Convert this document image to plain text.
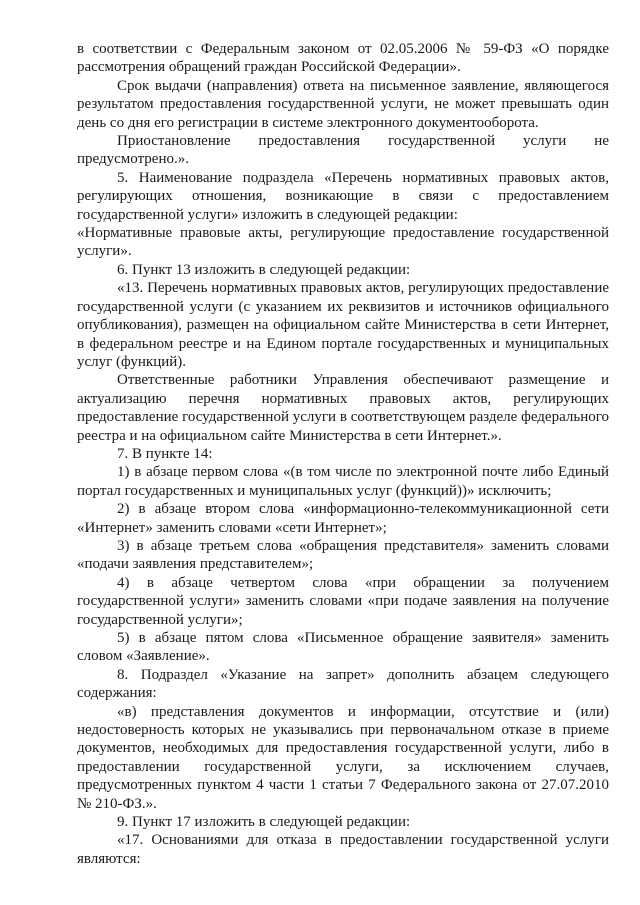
в соответствии с Федеральным законом от 02.05.2006 № 59-ФЗ «О порядке рассмотрения обращений граждан Российской Федерации».

Срок выдачи (направления) ответа на письменное заявление, являющегося результатом предоставления государственной услуги, не может превышать один день со дня его регистрации в системе электронного документооборота.

Приостановление предоставления государственной услуги не предусмотрено.».

5. Наименование подраздела «Перечень нормативных правовых актов, регулирующих отношения, возникающие в связи с предоставлением государственной услуги» изложить в следующей редакции:

«Нормативные правовые акты, регулирующие предоставление государственной услуги».

6. Пункт 13 изложить в следующей редакции:

«13. Перечень нормативных правовых актов, регулирующих предоставление государственной услуги (с указанием их реквизитов и источников официального опубликования), размещен на официальном сайте Министерства в сети Интернет, в федеральном реестре и на Едином портале государственных и муниципальных услуг (функций).

Ответственные работники Управления обеспечивают размещение и актуализацию перечня нормативных правовых актов, регулирующих предоставление государственной услуги в соответствующем разделе федерального реестра и на официальном сайте Министерства в сети Интернет.».

7. В пункте 14:

1) в абзаце первом слова «(в том числе по электронной почте либо Единый портал государственных и муниципальных услуг (функций))» исключить;

2) в абзаце втором слова «информационно-телекоммуникационной сети «Интернет» заменить словами «сети Интернет»;

3) в абзаце третьем слова «обращения представителя» заменить словами «подачи заявления представителем»;

4) в абзаце четвертом слова «при обращении за получением государственной услуги» заменить словами «при подаче заявления на получение государственной услуги»;

5) в абзаце пятом слова «Письменное обращение заявителя» заменить словом «Заявление».

8. Подраздел «Указание на запрет» дополнить абзацем следующего содержания:

«в) представления документов и информации, отсутствие и (или) недостоверность которых не указывались при первоначальном отказе в приеме документов, необходимых для предоставления государственной услуги, либо в предоставлении государственной услуги, за исключением случаев, предусмотренных пунктом 4 части 1 статьи 7 Федерального закона от 27.07.2010 № 210-ФЗ.».

9. Пункт 17 изложить в следующей редакции:

«17. Основаниями для отказа в предоставлении государственной услуги являются:
